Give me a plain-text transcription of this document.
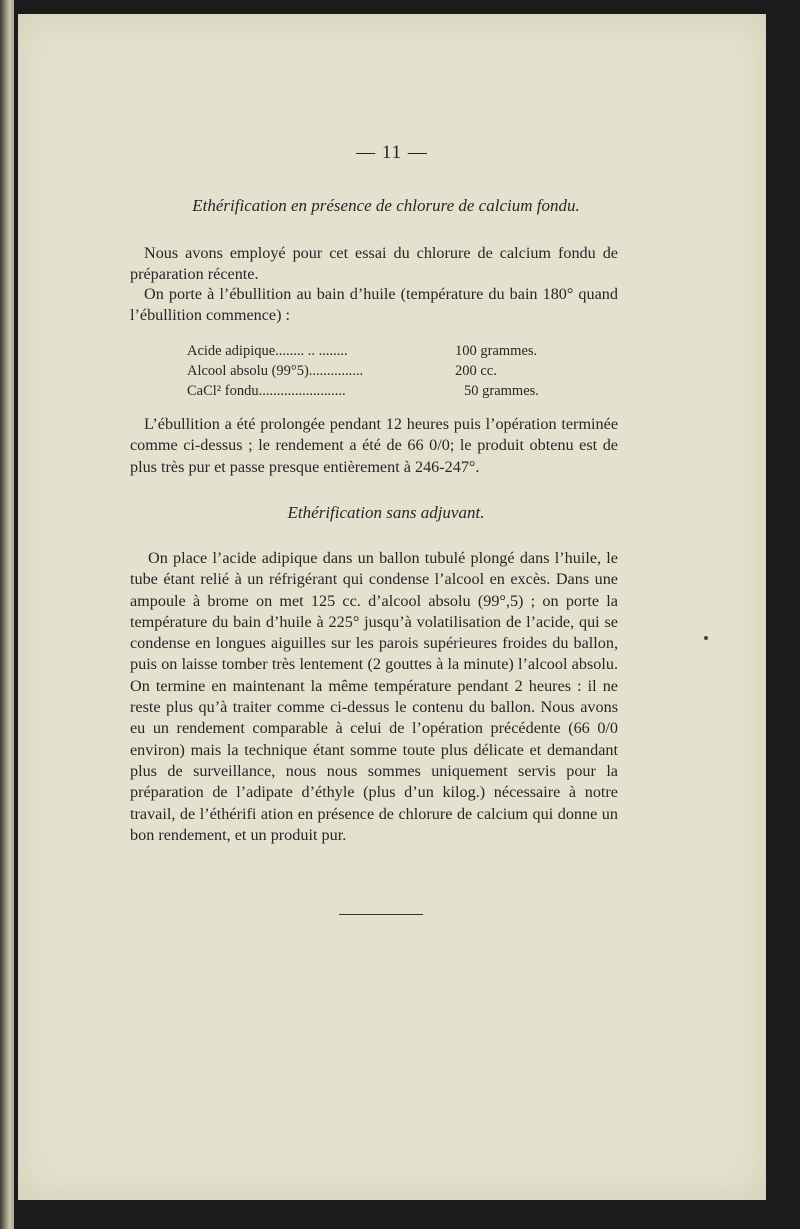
— 11 —
Ethérification en présence de chlorure de calcium fondu.

Nous avons employé pour cet essai du chlorure de calcium fondu de préparation récente.

On porte à l’ébullition au bain d’huile (température du bain 180° quand l’ébullition commence) :

Acide adipique........ .. ........	100 grammes.
Alcool absolu (99°5)...............	200 cc.
CaCl² fondu........................	50 grammes.

L’ébullition a été prolongée pendant 12 heures puis l’opération terminée comme ci-dessus ; le rendement a été de 66 0/0; le produit obtenu est de plus très pur et passe presque entièrement à 246-247°.

Ethérification sans adjuvant.

On place l’acide adipique dans un ballon tubulé plongé dans l’huile, le tube étant relié à un réfrigérant qui condense l’alcool en excès. Dans une ampoule à brome on met 125 cc. d’alcool absolu (99°,5) ; on porte la température du bain d’huile à 225° jusqu’à volatilisation de l’acide, qui se condense en longues aiguilles sur les parois supérieures froides du ballon, puis on laisse tomber très lentement (2 gouttes à la minute) l’alcool absolu. On termine en maintenant la même température pendant 2 heures : il ne reste plus qu’à traiter comme ci-dessus le contenu du ballon. Nous avons eu un rendement comparable à celui de l’opération précédente (66 0/0 environ) mais la technique étant somme toute plus délicate et demandant plus de surveillance, nous nous sommes uniquement servis pour la préparation de l’adipate d’éthyle (plus d’un kilog.) nécessaire à notre travail, de l’éthérifi ation en présence de chlorure de calcium qui donne un bon rendement, et un produit pur.
